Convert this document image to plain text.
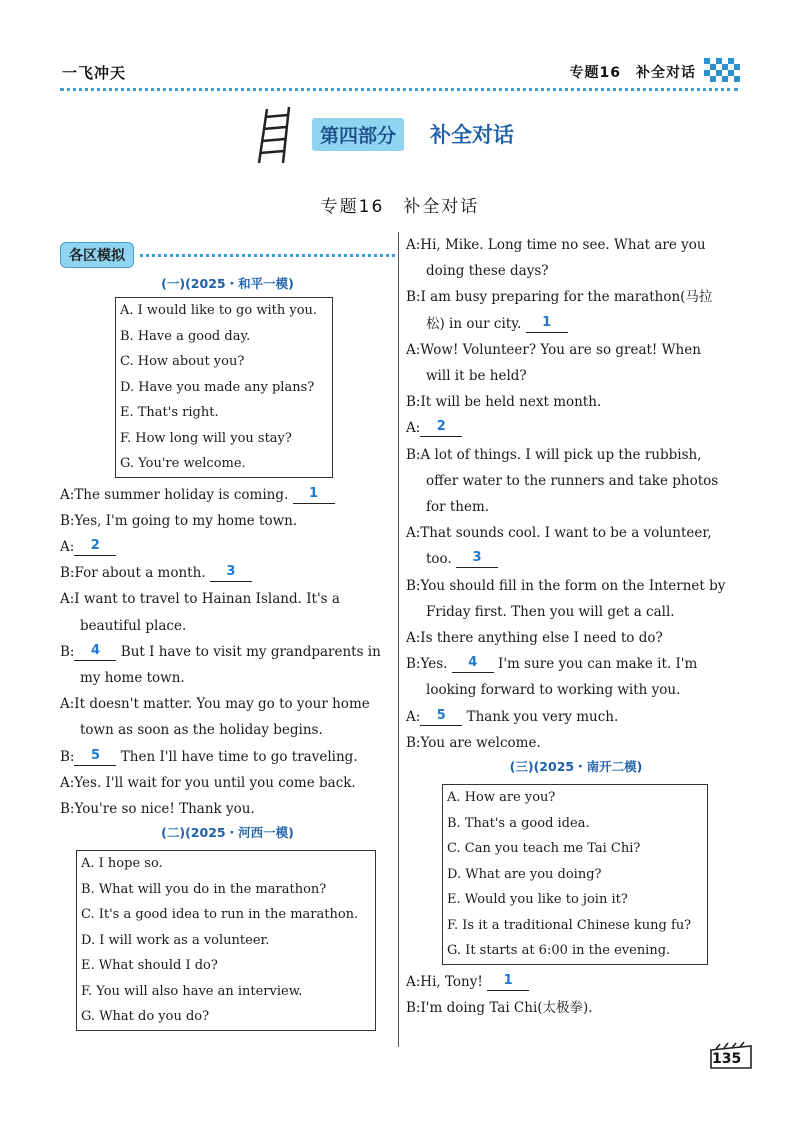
一飞冲天	专题16　补全对话
第四部分	补全对话
专题16　补全对话
各区模拟
(一)(2025・和平一模)
A. I would like to go with you.
B. Have a good day.
C. How about you?
D. Have you made any plans?
E. That's right.
F. How long will you stay?
G. You're welcome.
A:The summer holiday is coming. 1
B:Yes, I'm going to my home town.
A: 2
B:For about a month. 3
A:I want to travel to Hainan Island. It's a
beautiful place.
B: 4 But I have to visit my grandparents in
my home town.
A:It doesn't matter. You may go to your home
town as soon as the holiday begins.
B: 5 Then I'll have time to go traveling.
A:Yes. I'll wait for you until you come back.
B:You're so nice! Thank you.
(二)(2025・河西一模)
A. I hope so.
B. What will you do in the marathon?
C. It's a good idea to run in the marathon.
D. I will work as a volunteer.
E. What should I do?
F. You will also have an interview.
G. What do you do?
A:Hi, Mike. Long time no see. What are you
doing these days?
B:I am busy preparing for the marathon(马拉
松) in our city. 1
A:Wow! Volunteer? You are so great! When
will it be held?
B:It will be held next month.
A: 2
B:A lot of things. I will pick up the rubbish,
offer water to the runners and take photos
for them.
A:That sounds cool. I want to be a volunteer,
too. 3
B:You should fill in the form on the Internet by
Friday first. Then you will get a call.
A:Is there anything else I need to do?
B:Yes. 4 I'm sure you can make it. I'm
looking forward to working with you.
A: 5 Thank you very much.
B:You are welcome.
(三)(2025・南开二模)
A. How are you?
B. That's a good idea.
C. Can you teach me Tai Chi?
D. What are you doing?
E. Would you like to join it?
F. Is it a traditional Chinese kung fu?
G. It starts at 6:00 in the evening.
A:Hi, Tony! 1
B:I'm doing Tai Chi(太极拳).
135
